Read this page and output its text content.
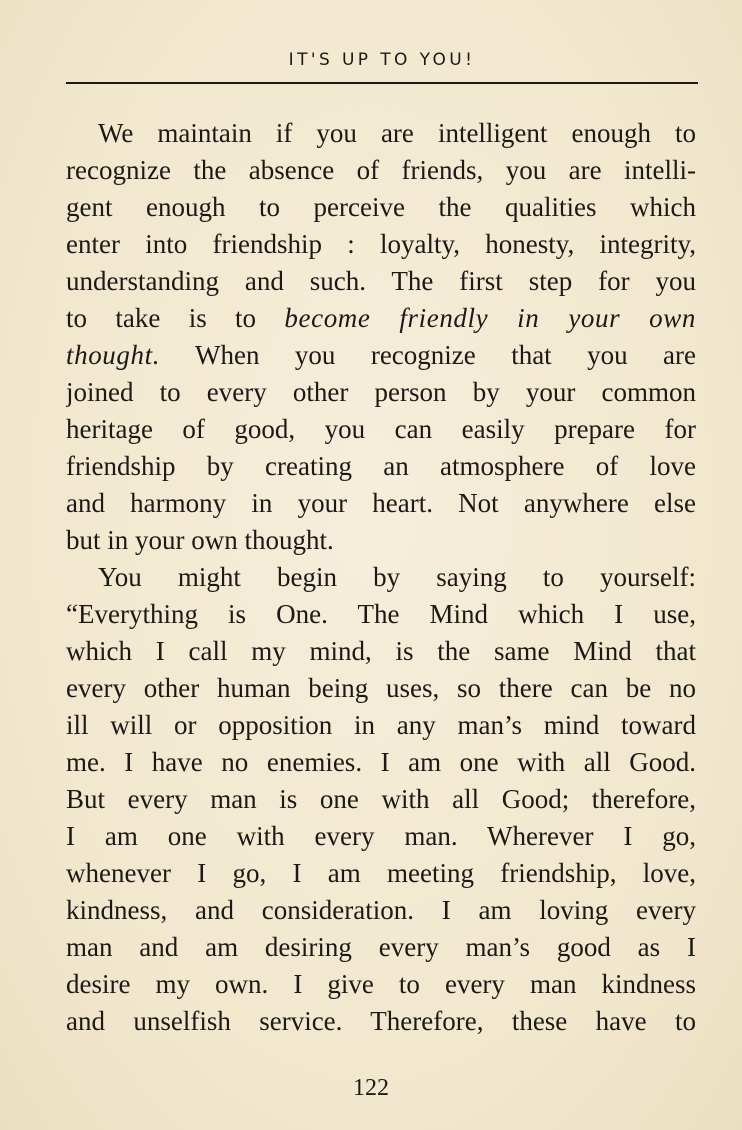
IT'S UP TO YOU!
We maintain if you are intelligent enough to
recognize the absence of friends, you are intelli-
gent enough to perceive the qualities which
enter into friendship : loyalty, honesty, integrity,
understanding and such. The first step for you
to take is to become friendly in your own
thought. When you recognize that you are
joined to every other person by your common
heritage of good, you can easily prepare for
friendship by creating an atmosphere of love
and harmony in your heart. Not anywhere else
but in your own thought.
You might begin by saying to yourself:
“Everything is One. The Mind which I use,
which I call my mind, is the same Mind that
every other human being uses, so there can be no
ill will or opposition in any man’s mind toward
me. I have no enemies. I am one with all Good.
But every man is one with all Good; therefore,
I am one with every man. Wherever I go,
whenever I go, I am meeting friendship, love,
kindness, and consideration. I am loving every
man and am desiring every man’s good as I
desire my own. I give to every man kindness
and unselfish service. Therefore, these have to
122
